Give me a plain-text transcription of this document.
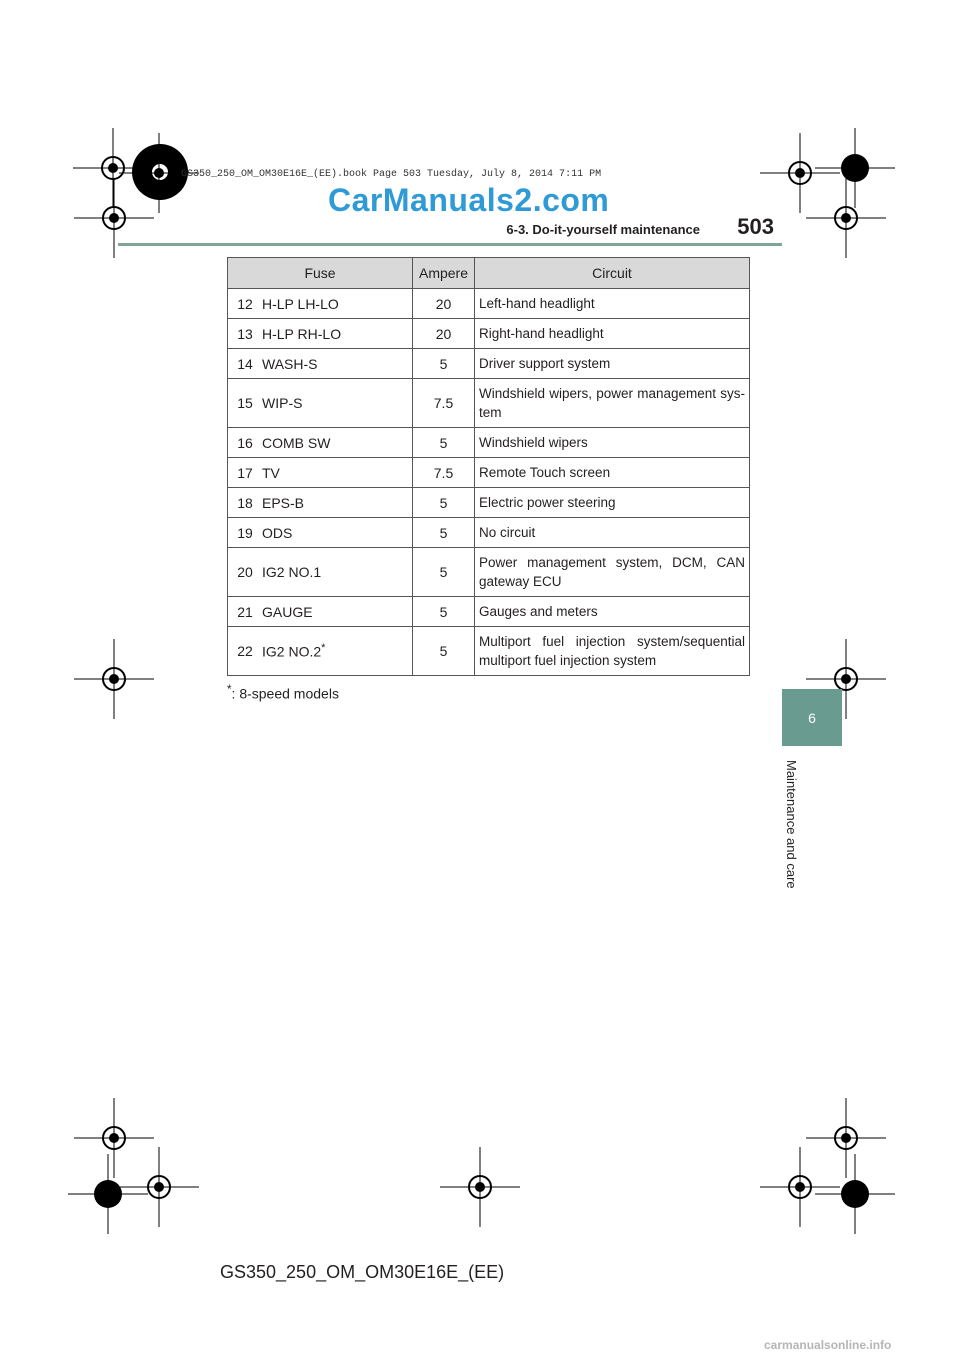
GS350_250_OM_OM30E16E_(EE).book Page 503 Tuesday, July 8, 2014 7:11 PM
CarManuals2.com
6-3. Do-it-yourself maintenance	503
6
Maintenance and care
Fuse		Ampere	Circuit
12	H-LP LH-LO	20	Left-hand headlight
13	H-LP RH-LO	20	Right-hand headlight
14	WASH-S	5	Driver support system
15	WIP-S	7.5	Windshield wipers, power management sys-tem
16	COMB SW	5	Windshield wipers
17	TV	7.5	Remote Touch screen
18	EPS-B	5	Electric power steering
19	ODS	5	No circuit
20	IG2 NO.1	5	Power management system, DCM, CAN gateway ECU
21	GAUGE	5	Gauges and meters
22	IG2 NO.2*	5	Multiport fuel injection system/sequential multiport fuel injection system
*: 8-speed models
GS350_250_OM_OM30E16E_(EE)
carmanualsonline.info
